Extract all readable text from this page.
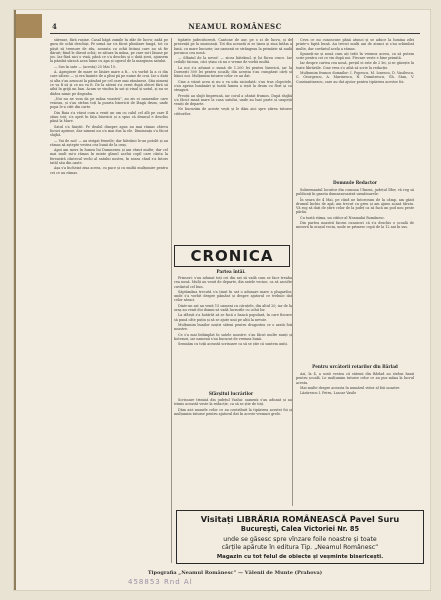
4	NEAMUL ROMÂNESC

siirease, fără rușine. Casal băgă zumile în zfăr de lucru; zadă pe gura de ochii deschiși. Pe urmă iar s'a făcut plimbare lungă, tot cu pășit să tremure de râu, aceasta cu ochii întinși care au să fie dăruit; fiind le dăruit ochii; se sătura în mâna, pe care mi-i lăsase pe jos. Iar fără nici o vină, până ce s'a deschis și o dată șiroi, ajunsem la pămînt săracă acea lume cu apa și ogorul de la marginea satului.

— Sus în sate — (acesta) 25 Mai 19..

A. Apropiere de mare se lăsăre mare a fi... s'a vorbit la a ci din care sătesc — și era înainte de a plini pă pe nume de crai. Iar o dată și alta s'au aruncat la pământ pe cel care mai rămăsese. Știa nimeni ce va fi să și ce nu va fi. De la săteni s'a cerut după obicei fără să aibă în grijă un ban. Acum se vindea în sat și vinul și untul, și nu se dădea nimic pe degeaba.

„Noi nu ne vom da pe mâna voastră”, au zis ei oamenilor care veneau, și s'au strâns toți la poarta bisericii de lângă drum, unde popa le-a citit din carte.

Din Baia s'a văzut cum a venit un om cu calul cel alb pe care îl știau toți; s'a oprit în fața bisericii și a spus că drumul e deschis până la Mare.

Satul s'a liniștit. Pe dealul dinspre apus au mai rămas câteva focuri aprinse, dar nimeni nu s'a mai dus la ele. Dimineața s'a făcut slujbă.

— Vai de noi! — au strigat femeile; dar bătrânii le-au potolit și au rămas să aștepte vestea cea bună de la oraș.

Apoi am mers în lumea lui Dumnezeu și am văzut multe; dar cel mai mult mi-a rămas în minte glasul acelui copil care cânta la fereastră cântecul vechi al satului nostru, în seara când s'a întors tatăl său din oaste.

Așa s'a încheiat ziua aceea, cu pace și cu multă mulțumire pentru cei ce au rămas.

tipărite judecătorești. Cantone de aur, pe o zi de lucru, și de prezență pe la muzicanți. Tot din această zi se ținea și ziua întâia a lunii, cu mare bucurie; iar oamenii se strângeau la primărie să audă porunca cea nouă.

— Sfântul de la nevoi! — zicea bătrânul, și își făcea cruce. Iar ceilalți tăceau, căci știau că nu e vreme de vorbă multă.

La noi s'a adunat o sumă de 1.200 lei pentru biserică, iar la Dornești 500 lei pentru școală; din aceștia s'au cumpărat cărți și bănci noi. Mulțumim tuturor celor ce au dat.

Cine a văzut acea zi nu o va uita niciodată: s'au tras clopotele, s'au aprins lumânări și toată lumea a ieșit la drum cu flori și cu steaguri.

Preoții au slujit împreună, iar corul a cântat frumos. După slujbă s'a făcut masă mare la casa satului, unde au luat parte și oaspeții veniți de departe.

Ne bucurăm de aceste vești și le dăm aici spre știrea tuturor cititorilor.

CRONICA
Partea întâi.

Prinsori: s'au adunat toți cei din sat să vadă cum se face treaba cea nouă. Mulți au venit de departe, din satele vecine, ca să asculte cuvântul cel bun.

Săptămâna trecută s'a ținut în sat o adunare mare a plugarilor, unde s'a vorbit despre pământ și despre ajutorul ce trebuie dat celor săraci.

Dintr-un sat au venit 15 oameni cu căruțele, din altul 20; iar de la oraș au venit doi domni să vadă lucrurile cu ochii lor.

La sfârșit s'a hotărât să se facă o bancă populară, în care fiecare să pună câte puțin și să se ajute unii pe alții la nevoie.

Mulțumim bunilor noștri săteni pentru dragostea ce o arată foii noastre.

Ce s'a mai întâmplat în satele noastre: s'au făcut multe nunți și botezuri, iar oamenii s'au bucurat de vremea bună.

Semnăm cu toții această scrisoare ca să se știe că suntem uniți.

Sfârșitul lucrărilor

Scrisoare trimisă din județul Vaslui: oamenii s'au adunat și au trimis această veste la redacție, ca să se știe de toți.

Dăm aici numele celor ce au contribuit la tipărirea acestei foi și mulțumim tuturor pentru ajutorul dat în aceste vremuri grele.

Ceva ce nu cunoscuse până atunci și se aduce la lumina zilei printr-o faptă bună. Au trecut mulți ani de atunci și s'au schimbat multe, dar cuvântul acela a rămas.

Spuneți-ne și nouă cum ați trăit în vremea aceea, ca să putem scrie pentru cei ce vin după noi. Fiecare veste e bine primită.

Iar despre cartea cea nouă, prețul ei este de 2 lei, și se găsește la toate librăriile. Cine vrea s'o aibă să scrie la redacție.

Mulțumim frumos domnilor: I. Popescu, M. Ionescu, D. Vasilescu, C. Georgescu, A. Marinescu, N. Dumitrescu, Gh. Stan, V. Constantinescu, care au dat ajutor pentru tipărirea acestor foi.

Domnule Redactor

Subsemnatul locuitor din comuna Ulmeni, județul Ilfov, vă rog să publicați în gazeta dumneavoastră următoarele:

În seara de 4 Mai, pe când ne întorceam de la câmp, am găsit drumul închis de apă; am trecut cu greu și am ajuns acasă târziu. Vă rog să dați de știre celor de la județ ca să facă un pod nou peste pârâu.

Cu toată stima, un cititor al Neamului Românesc.

Din partea noastră facem cunoscut că s'a deschis o școală de meserii în orașul vecin, unde se primesc copii de la 12 ani în sus.

Pentru urcătorii rotarilor din Bârlad

Azi, la 4, a sosit vestea că sătenii din Bârlad au strâns banii pentru școală. Le mulțumim tuturor celor ce au pus mâna la lucrul acesta.

Mai multe despre aceasta în numărul viitor al foii noastre.

Lăzărescu I. Petru, Lascar Vasile

Visitați LIBRĂRIA ROMÂNEASCĂ Pavel Suru
București, Calea Victoriei Nr. 85
unde se găsesc spre vînzare foile noastre și toate
cărțile apărute în editura Tip. „Neamul Românesc”
Magazin cu tot felul de obiecte și veșminte bisericești.
Tipografia „Neamul Românesc” — Vălenii de Munte (Prahova)
458853 Rnd Al
